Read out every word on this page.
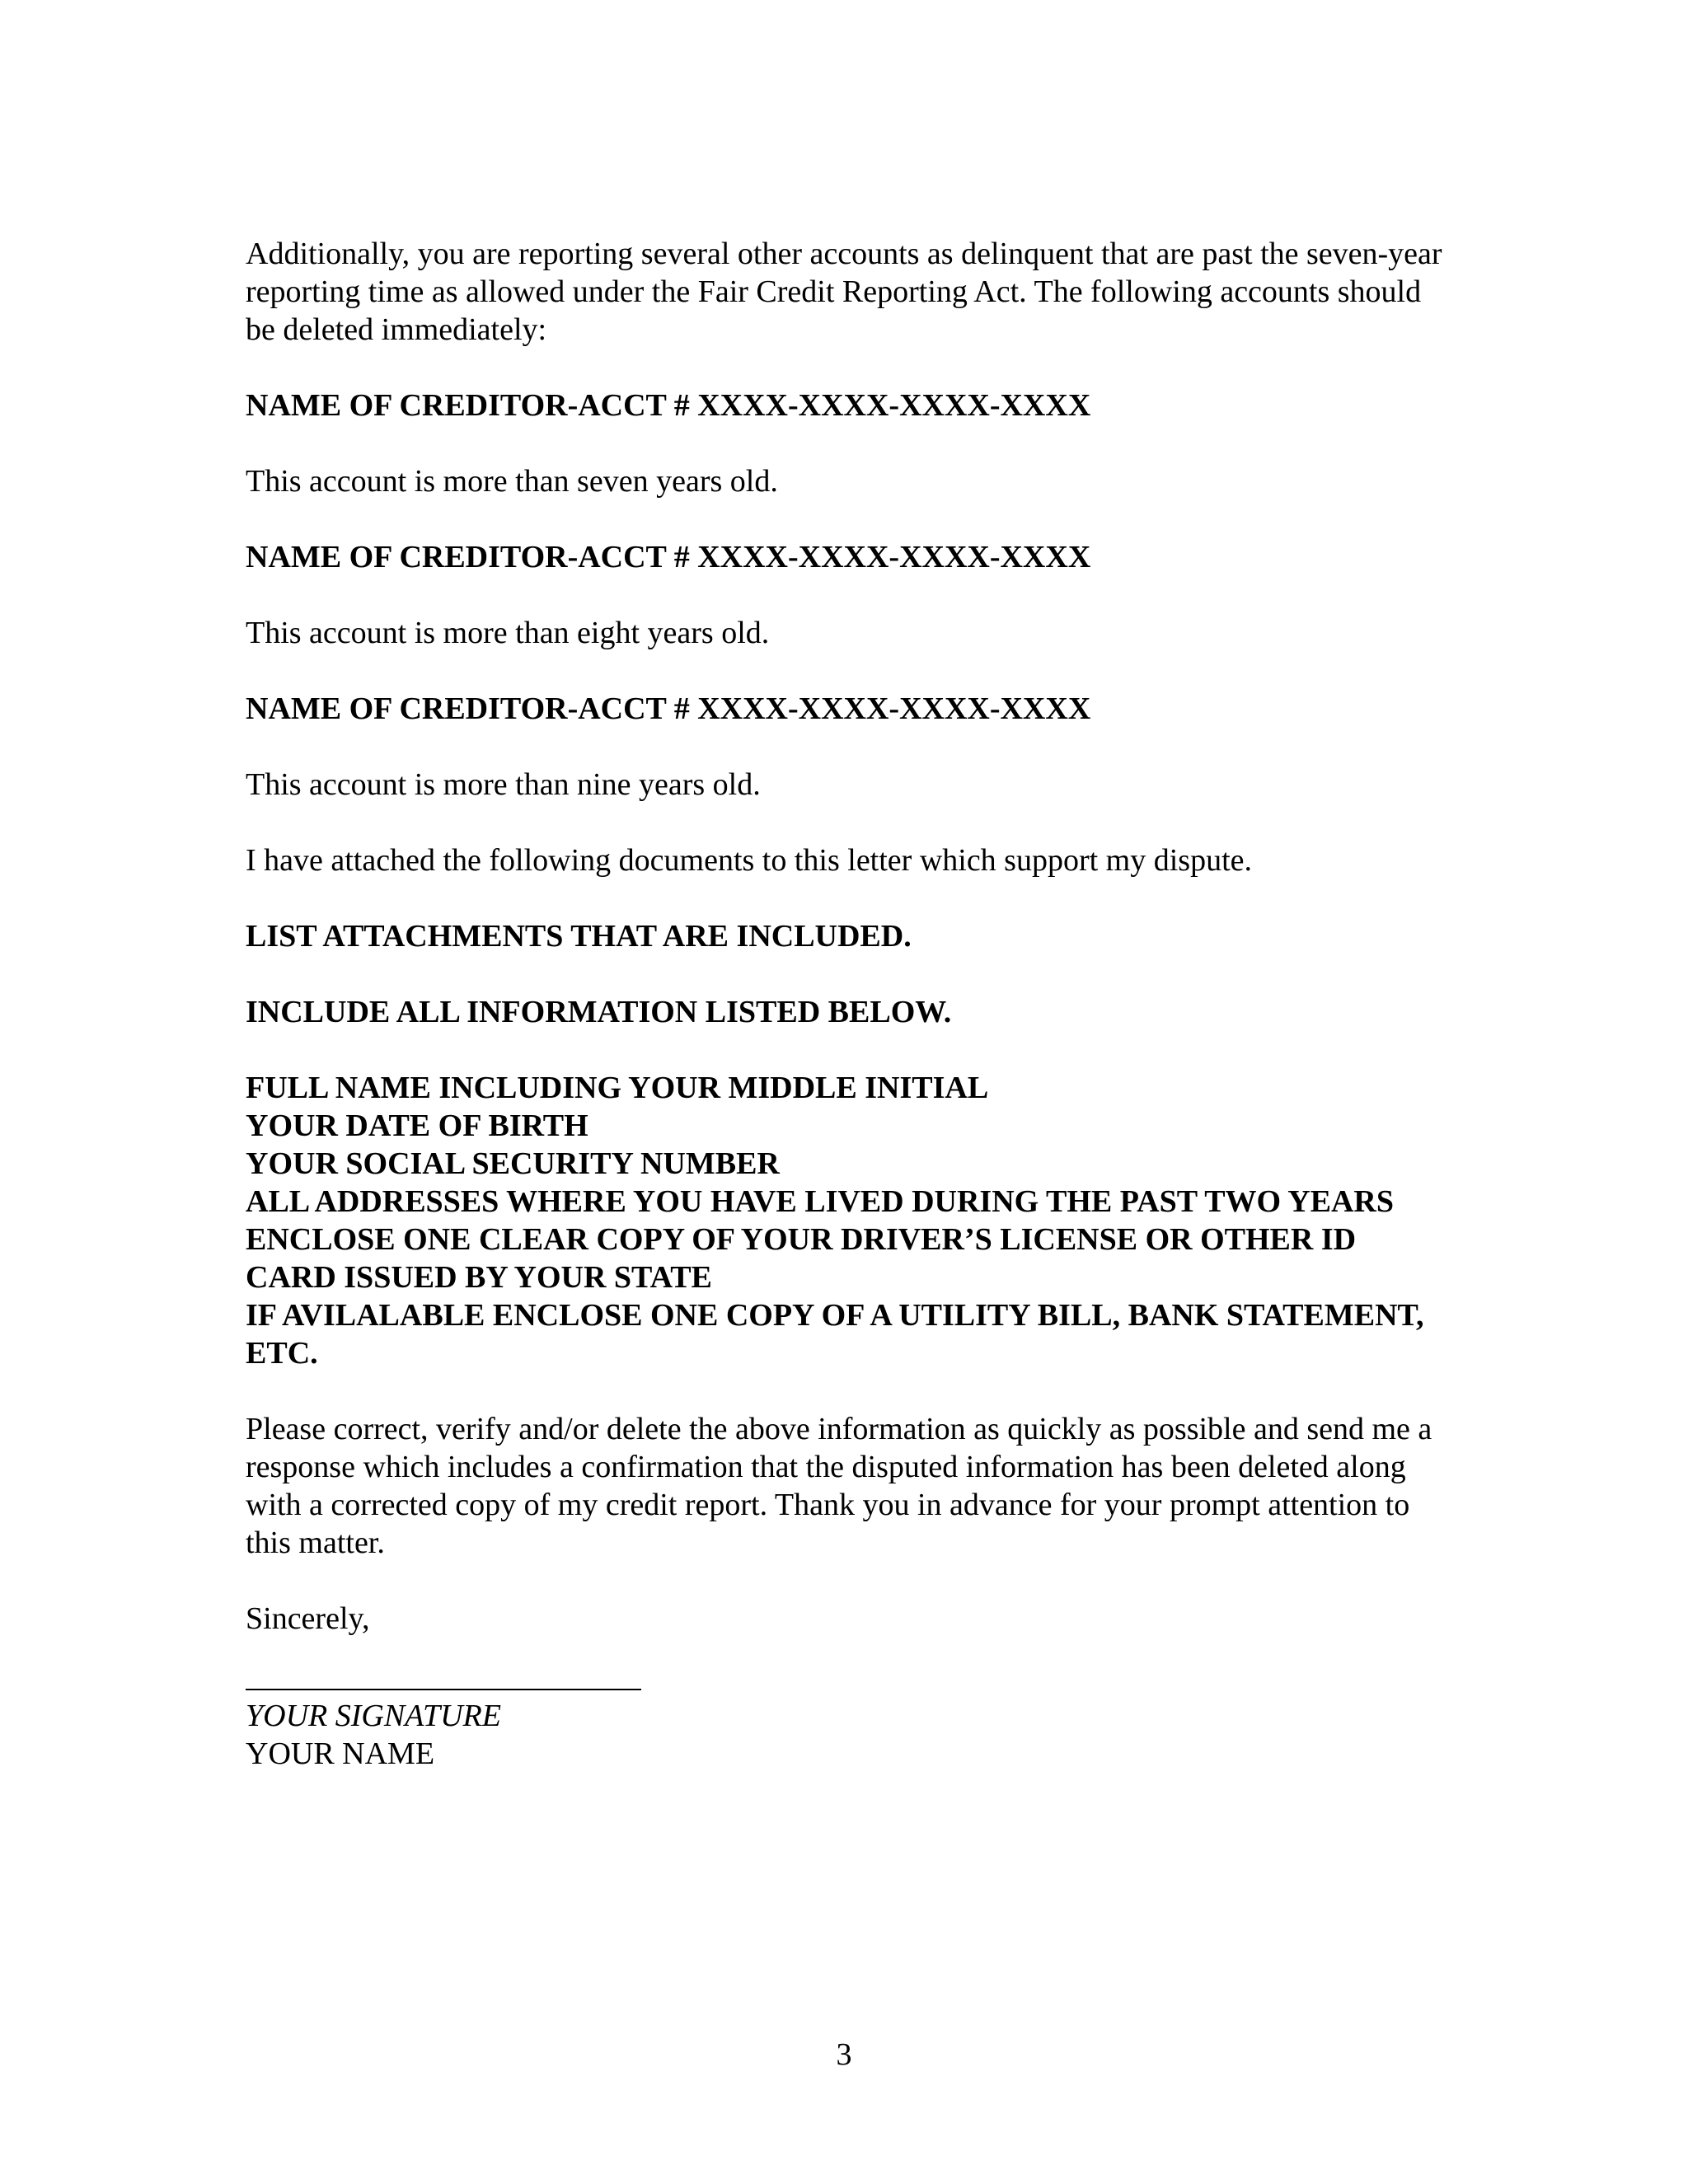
Additionally, you are reporting several other accounts as delinquent that are past the seven-year reporting time as allowed under the Fair Credit Reporting Act. The following accounts should be deleted immediately:

NAME OF CREDITOR-ACCT # XXXX-XXXX-XXXX-XXXX

This account is more than seven years old.

NAME OF CREDITOR-ACCT # XXXX-XXXX-XXXX-XXXX

This account is more than eight years old.

NAME OF CREDITOR-ACCT # XXXX-XXXX-XXXX-XXXX

This account is more than nine years old.

I have attached the following documents to this letter which support my dispute.

LIST ATTACHMENTS THAT ARE INCLUDED.

INCLUDE ALL INFORMATION LISTED BELOW.

FULL NAME INCLUDING YOUR MIDDLE INITIAL
YOUR DATE OF BIRTH
YOUR SOCIAL SECURITY NUMBER
ALL ADDRESSES WHERE YOU HAVE LIVED DURING THE PAST TWO YEARS
ENCLOSE ONE CLEAR COPY OF YOUR DRIVER’S LICENSE OR OTHER ID CARD ISSUED BY YOUR STATE
IF AVILALABLE ENCLOSE ONE COPY OF A UTILITY BILL, BANK STATEMENT, ETC.

Please correct, verify and/or delete the above information as quickly as possible and send me a response which includes a confirmation that the disputed information has been deleted along with a corrected copy of my credit report. Thank you in advance for your prompt attention to this matter.

Sincerely,

YOUR SIGNATURE
YOUR NAME
3
